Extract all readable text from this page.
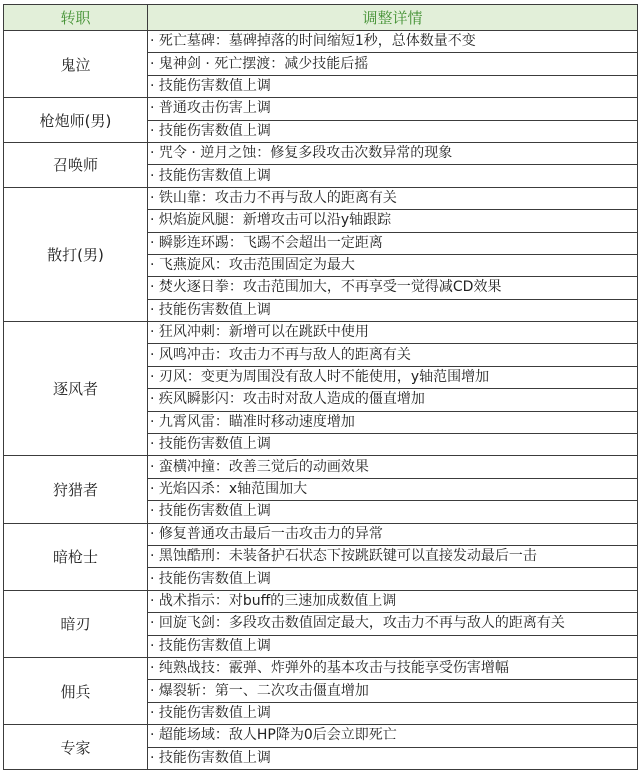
转职	调整详情
鬼泣	· 死亡墓碑：墓碑掉落的时间缩短1秒，总体数量不变
	· 鬼神剑 · 死亡摆渡：减少技能后摇
	· 技能伤害数值上调
枪炮师(男)	· 普通攻击伤害上调
	· 技能伤害数值上调
召唤师	· 咒令 · 逆月之蚀：修复多段攻击次数异常的现象
	· 技能伤害数值上调
散打(男)	· 铁山靠：攻击力不再与敌人的距离有关
	· 炽焰旋风腿：新增攻击可以沿y轴跟踪
	· 瞬影连环踢：飞踢不会超出一定距离
	· 飞燕旋风：攻击范围固定为最大
	· 焚火逐日拳：攻击范围加大，不再享受一觉得减CD效果
	· 技能伤害数值上调
逐风者	· 狂风冲刺：新增可以在跳跃中使用
	· 风鸣冲击：攻击力不再与敌人的距离有关
	· 刃风：变更为周围没有敌人时不能使用，y轴范围增加
	· 疾风瞬影闪：攻击时对敌人造成的僵直增加
	· 九霄风雷：瞄准时移动速度增加
	· 技能伤害数值上调
狩猎者	· 蛮横冲撞：改善三觉后的动画效果
	· 光焰囚杀：x轴范围加大
	· 技能伤害数值上调
暗枪士	· 修复普通攻击最后一击攻击力的异常
	· 黑蚀酷刑：未装备护石状态下按跳跃键可以直接发动最后一击
	· 技能伤害数值上调
暗刃	· 战术指示：对buff的三速加成数值上调
	· 回旋飞剑：多段攻击数值固定最大，攻击力不再与敌人的距离有关
	· 技能伤害数值上调
佣兵	· 纯熟战技：霰弹、炸弹外的基本攻击与技能享受伤害增幅
	· 爆裂斩：第一、二次攻击僵直增加
	· 技能伤害数值上调
专家	· 超能场域：敌人HP降为0后会立即死亡
	· 技能伤害数值上调
